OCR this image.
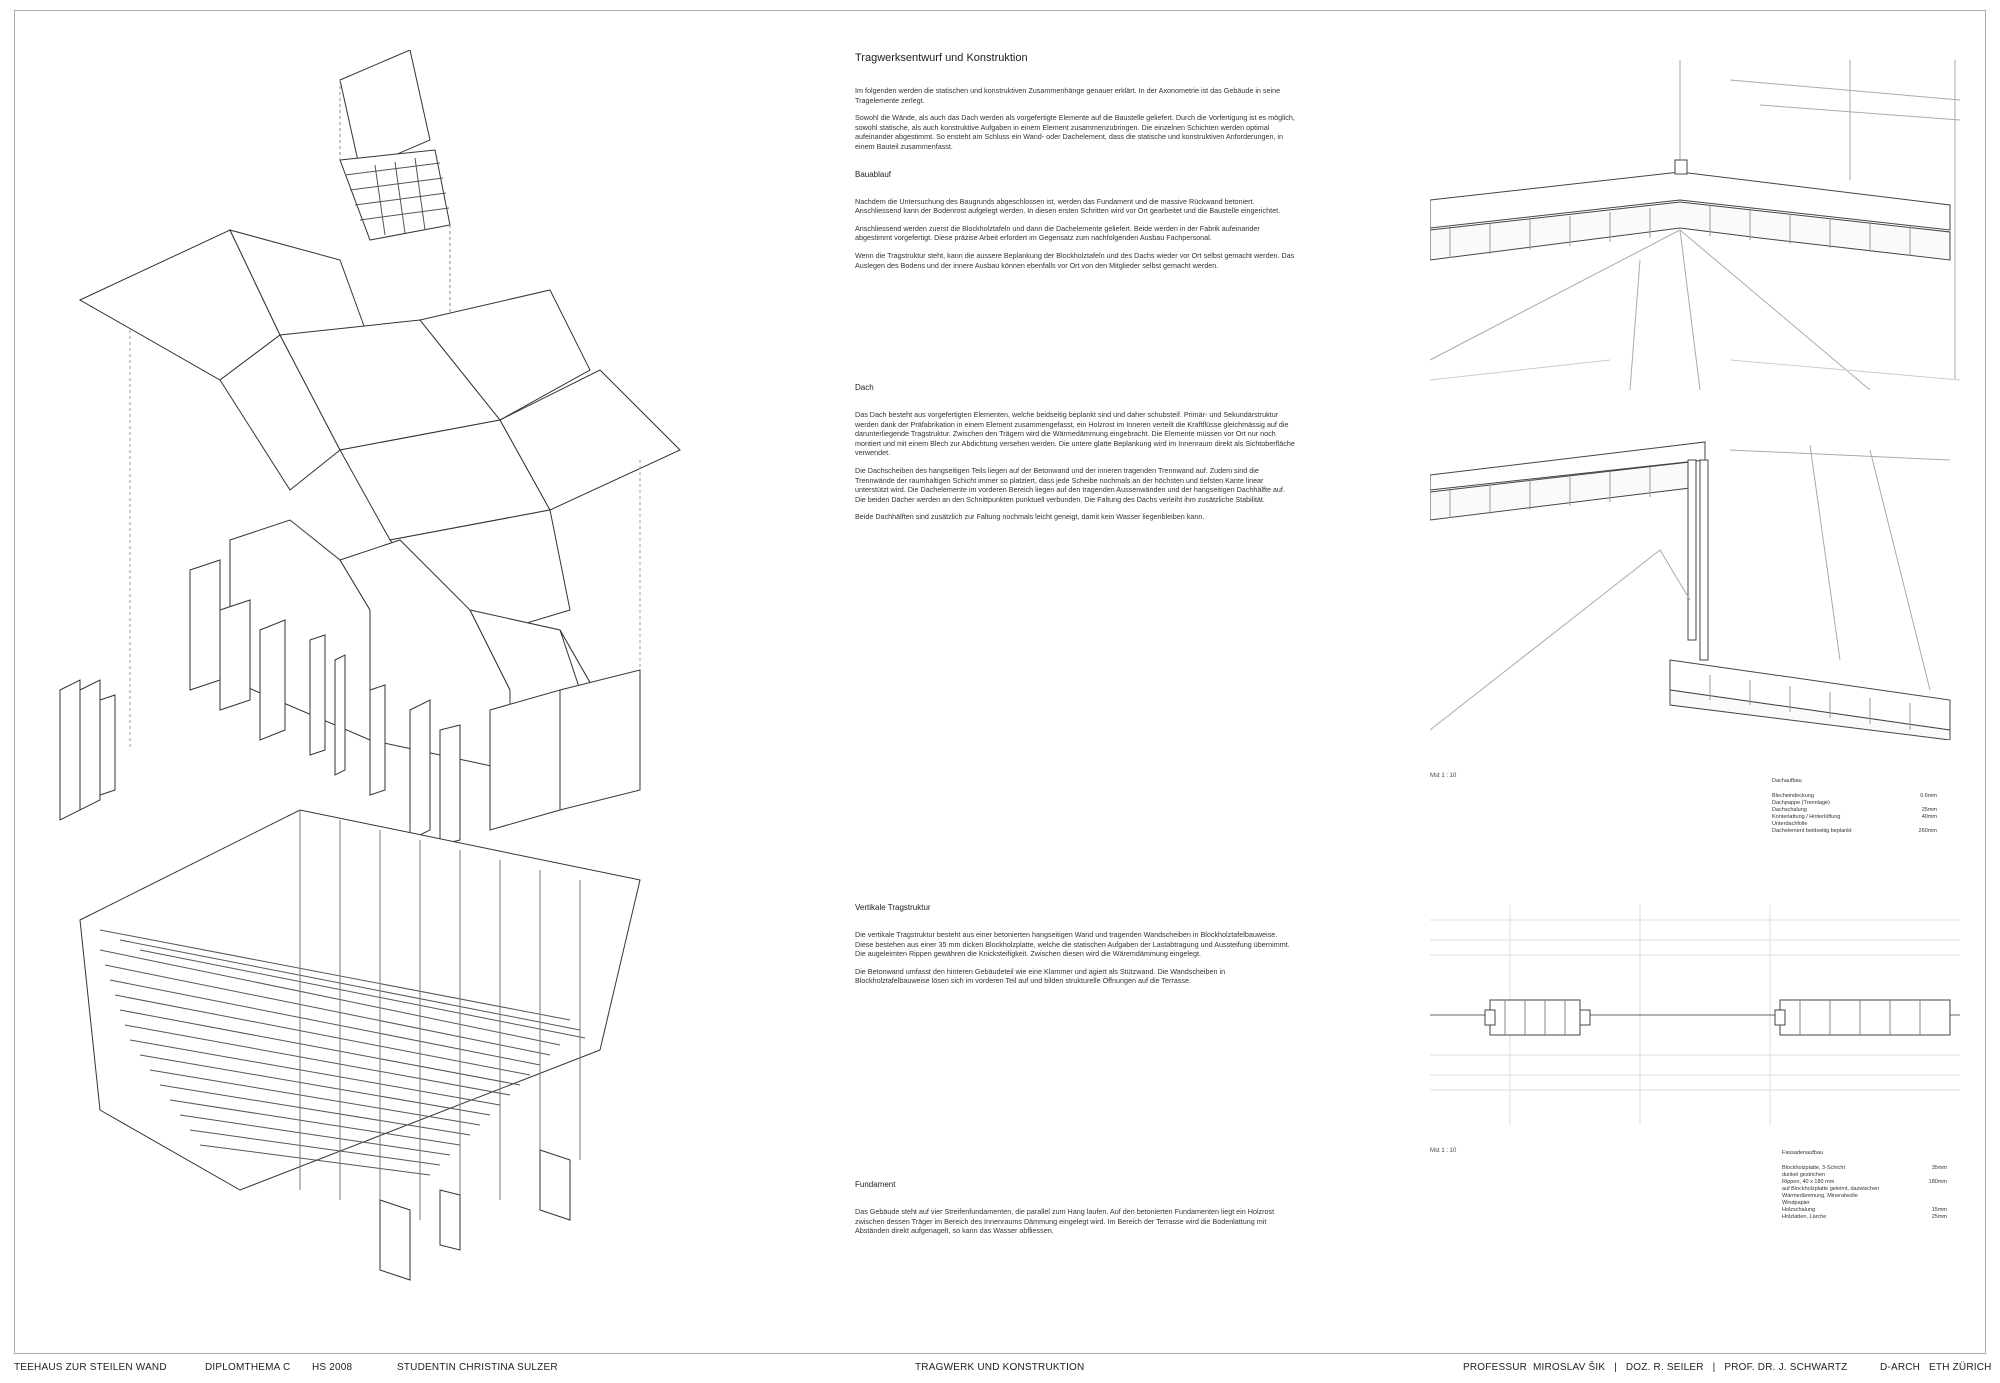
Tragwerksentwurf und Konstruktion

Im folgenden werden die statischen und konstruktiven Zusammenhänge genauer erklärt. In der Axonometrie ist das Gebäude in seine Tragelemente zerlegt.

Sowohl die Wände, als auch das Dach werden als vorgefertigte Elemente auf die Baustelle geliefert. Durch die Vorfertigung ist es möglich, sowohl statische, als auch konstruktive Aufgaben in einem Element zusammenzubringen. Die einzelnen Schichten werden optimal aufeinander abgestimmt. So ensteht am Schluss ein Wand- oder Dachelement, dass die statische und konstruktiven Anforderungen, in einem Bauteil zusammenfasst.

Bauablauf

Nachdem die Untersuchung des Baugrunds abgeschlossen ist, werden das Fundament und die massive Rückwand betoniert. Anschliessend kann der Bodenrost aufgelegt werden. In diesen ersten Schritten wird vor Ort gearbeitet und die Baustelle eingerichtet.

Anschliessend werden zuerst die Blockholztafeln und dann die Dachelemente geliefert. Beide werden in der Fabrik aufeinander abgestimmt vorgefertigt. Diese präzise Arbeit erfordert im Gegensatz zum nachfolgenden Ausbau Fachpersonal.

Wenn die Tragstruktur steht, kann die aussere Beplankung der Blockholztafeln und des Dachs wieder vor Ort selbst gemacht werden. Das Auslegen des Bodens und der innere Ausbau können ebenfalls vor Ort von den Mitglieder selbst gemacht werden.

Dach

Das Dach besteht aus vorgefertigten Elementen, welche beidseitig beplankt sind und daher schubsteif. Primär- und Sekundärstruktur werden dank der Präfabrikation in einem Element zusammengefasst, ein Holzrost im Inneren verteilt die Kraftflüsse gleichmässig auf die darunterliegende Tragstruktur. Zwischen den Trägern wird die Wärmedämmung eingebracht. Die Elemente müssen vor Ort nur noch montiert und mit einem Blech zur Abdichtung versehen werden. Die untere glatte Beplankung wird im Innenraum direkt als Sichtoberfläche verwendet.

Die Dachscheiben des hangseitigen Teils liegen auf der Betonwand und der inneren tragenden Trennwand auf. Zudem sind die Trennwände der raumhaltigen Schicht immer so platziert, dass jede Scheibe nochmals an der höchsten und tiefsten Kante linear unterstützt wird. Die Dachelemente im vorderen Bereich liegen auf den tragenden Aussenwänden und der hangseitigen Dachhälfte auf. Die beiden Dächer werden an den Schnittpunkten punktuell verbunden. Die Faltung des Dachs verleiht ihm zusätzliche Stabilität.

Beide Dachhälften sind zusätzlich zur Faltung nochmals leicht geneigt, damit kein Wasser liegenbleiben kann.

Vertikale Tragstruktur

Die vertikale Tragstruktur besteht aus einer betonierten hangseitigen Wand und tragenden Wandscheiben in Blockholztafelbauweise. Diese bestehen aus einer 35 mm dicken Blockholzplatte, welche die statischen Aufgaben der Lastabtragung und Aussteifung übernimmt. Die augeleimten Rippen gewähren die Knicksteifigkeit. Zwischen diesen wird die Wäremdämmung eingelegt.

Die Betonwand umfasst den hinteren Gebäudeteil wie eine Klammer und agiert als Stützwand. Die Wandscheiben in Blockholztafelbauweise lösen sich im vorderen Teil auf und bilden strukturelle Öffnungen auf die Terrasse.

Fundament

Das Gebäude steht auf vier Streifenfundamenten, die parallel zum Hang laufen. Auf den betonierten Fundamenten liegt ein Holzrost zwischen dessen Träger im Bereich des Innenraums Dämmung eingelegt wird. Im Bereich der Terrasse wird die Bodenlattung mit Abständen direkt aufgenagelt, so kann das Wasser abfliessen.

Mst 1 : 10
Dachaufbau
Blecheindeckung	0.6mm
Dachpappe (Trennlage)
Dachschalung	25mm
Konterlattung / Hinterlüftung	40mm
Unterdachfolie
Dachelement beidseitig beplankt	260mm
Mst 1 : 10	Fassadenaufbau
Blockholzplatte, 3-Schicht	35mm
dunkel gestrichen
Rippen, 40 x 180 mm	180mm
auf Blockholzplatte geleimt, dazwischen
Wärmedämmung, Mineralwolle
Windpapier
Holzschalung	15mm
Holzlatten, Lärche	25mm
TEEHAUS ZUR STEILEN WAND	DIPLOMTHEMA C HS 2008	STUDENTIN CHRISTINA SULZER	TRAGWERK UND KONSTRUKTION	PROFESSUR  MIROSLAV ŠIK   |   DOZ. R. SEILER   |   PROF. DR. J. SCHWARTZ	D-ARCH   ETH ZÜRICH
